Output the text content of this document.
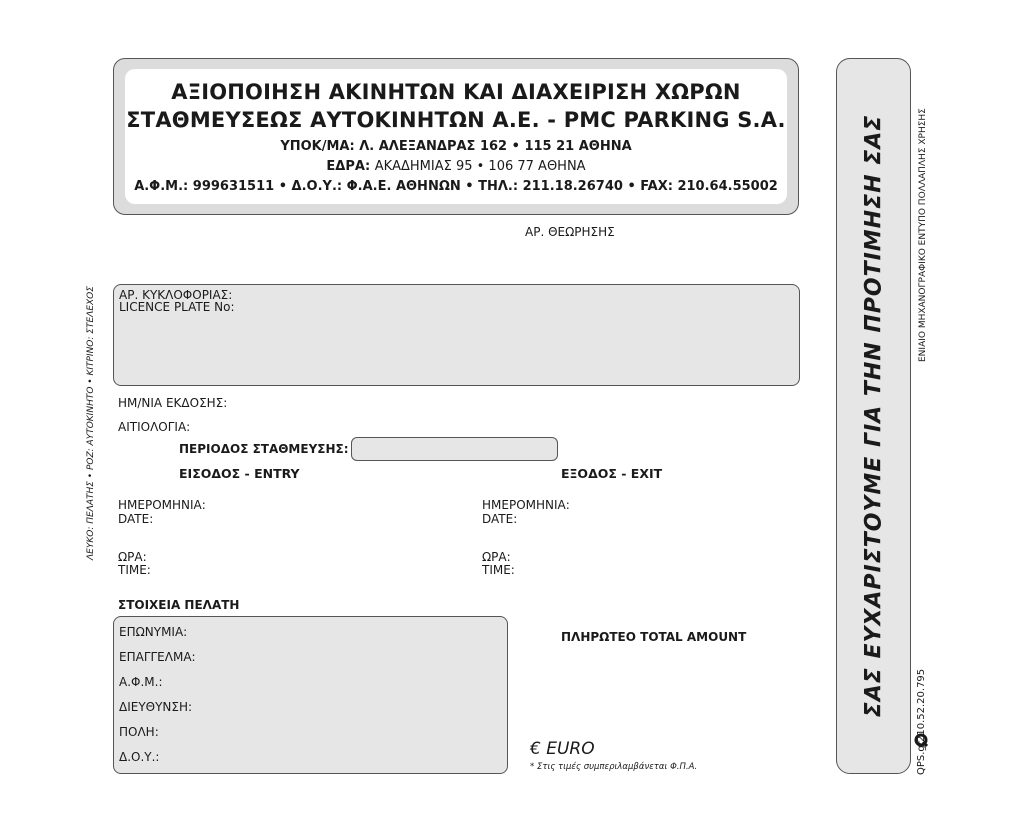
ΑΞΙΟΠΟΙΗΣΗ ΑΚΙΝΗΤΩΝ ΚΑΙ ΔΙΑΧΕΙΡΙΣΗ ΧΩΡΩΝ
ΣΤΑΘΜΕΥΣΕΩΣ ΑΥΤΟΚΙΝΗΤΩΝ Α.Ε. - PMC PARKING S.A.
ΥΠΟΚ/ΜΑ: Λ. ΑΛΕΞΑΝΔΡΑΣ 162 • 115 21 ΑΘΗΝΑ
ΕΔΡΑ: ΑΚΑΔΗΜΙΑΣ 95 • 106 77 ΑΘΗΝΑ
Α.Φ.Μ.: 999631511 • Δ.Ο.Υ.: Φ.Α.Ε. ΑΘΗΝΩΝ • ΤΗΛ.: 211.18.26740 • FAX: 210.64.55002
ΑΡ. ΘΕΩΡΗΣΗΣ
ΑΡ. ΚΥΚΛΟΦΟΡΙΑΣ:
LICENCE PLATE No:
ΗΜ/ΝΙΑ ΕΚΔΟΣΗΣ:
ΑΙΤΙΟΛΟΓΙΑ:
ΠΕΡΙΟΔΟΣ ΣΤΑΘΜΕΥΣΗΣ:
ΕΙΣΟΔΟΣ - ENTRY	ΕΞΟΔΟΣ - EXIT
ΗΜΕΡΟΜΗΝΙΑ:
DATE:
ΩΡΑ:
TIME:
ΗΜΕΡΟΜΗΝΙΑ:
DATE:
ΩΡΑ:
TIME:
ΣΤΟΙΧΕΙΑ ΠΕΛΑΤΗ
ΕΠΩΝΥΜΙΑ:
ΕΠΑΓΓΕΛΜΑ:
Α.Φ.Μ.:
ΔΙΕΥΘΥΝΣΗ:
ΠΟΛΗ:
Δ.Ο.Υ.:
ΠΛΗΡΩΤΕΟ TOTAL AMOUNT
€ EURO
* Στις τιμές συμπεριλαμβάνεται Φ.Π.Α.
ΣΑΣ ΕΥΧΑΡΙΣΤΟΥΜΕ ΓΙΑ ΤΗΝ ΠΡΟΤΙΜΗΣΗ ΣΑΣ	ΕΝΙΑΙΟ ΜΗΧΑΝΟΓΡΑΦΙΚΟ ΕΝΤΥΠΟ ΠΟΛΛΑΠΛΗΣ ΧΡΗΣΗΣ
ΛΕΥΚΟ: ΠΕΛΑΤΗΣ • ΡΟΖ: ΑΥΤΟΚΙΝΗΤΟ • ΚΙΤΡΙΝΟ: ΣΤΕΛΕΧΟΣ
210.52.20.795
QPS.gr
